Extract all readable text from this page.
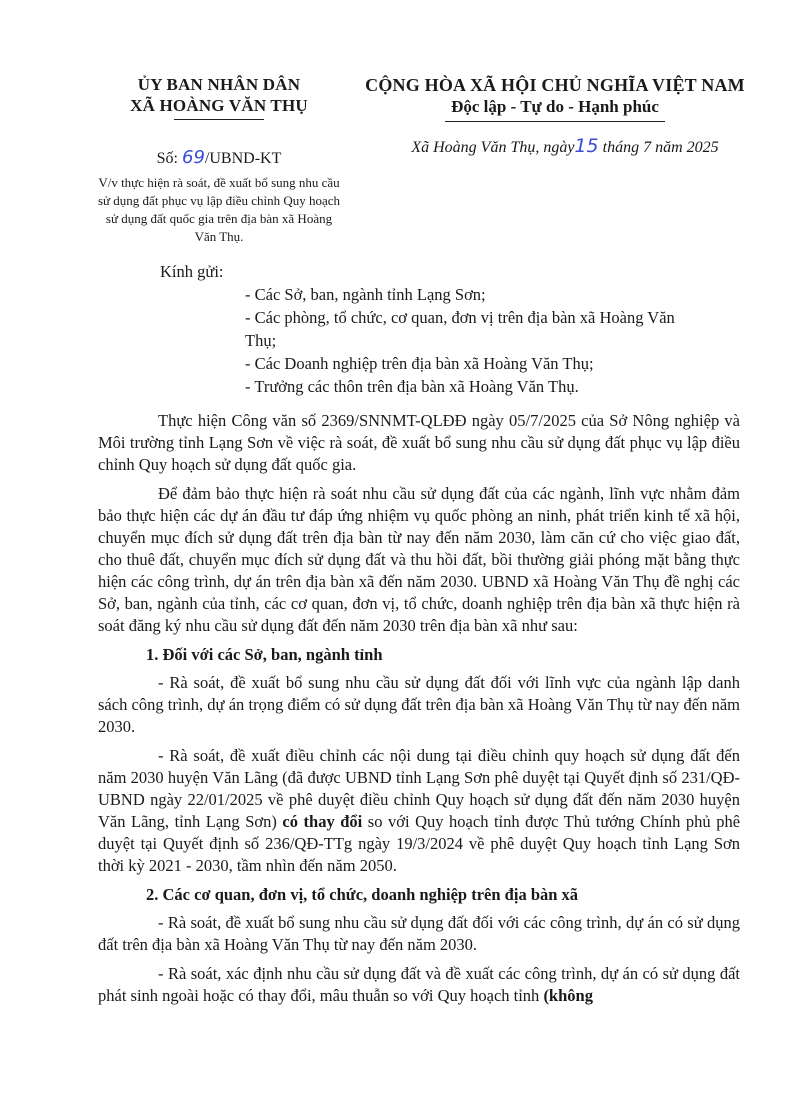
ỦY BAN NHÂN DÂN
XÃ HOÀNG VĂN THỤ
Số: 69/UBND-KT
V/v thực hiện rà soát, đề xuất bổ sung nhu cầu sử dụng đất phục vụ lập điều chỉnh Quy hoạch sử dụng đất quốc gia trên địa bàn xã Hoàng Văn Thụ.
CỘNG HÒA XÃ HỘI CHỦ NGHĨA VIỆT NAM
Độc lập - Tự do - Hạnh phúc
Xã Hoàng Văn Thụ, ngày15 tháng 7 năm 2025
Kính gửi:
- Các Sở, ban, ngành tỉnh Lạng Sơn;
- Các phòng, tổ chức, cơ quan, đơn vị trên địa bàn xã Hoàng Văn Thụ;
- Các Doanh nghiệp trên địa bàn xã Hoàng Văn Thụ;
- Trưởng các thôn trên địa bàn xã Hoàng Văn Thụ.

Thực hiện Công văn số 2369/SNNMT-QLĐĐ ngày 05/7/2025 của Sở Nông nghiệp và Môi trường tỉnh Lạng Sơn về việc rà soát, đề xuất bổ sung nhu cầu sử dụng đất phục vụ lập điều chỉnh Quy hoạch sử dụng đất quốc gia.

Để đảm bảo thực hiện rà soát nhu cầu sử dụng đất của các ngành, lĩnh vực nhằm đảm bảo thực hiện các dự án đầu tư đáp ứng nhiệm vụ quốc phòng an ninh, phát triển kinh tế xã hội, chuyển mục đích sử dụng đất trên địa bàn từ nay đến năm 2030, làm căn cứ cho việc giao đất, cho thuê đất, chuyển mục đích sử dụng đất và thu hồi đất, bồi thường giải phóng mặt bằng thực hiện các công trình, dự án trên địa bàn xã đến năm 2030. UBND xã Hoàng Văn Thụ đề nghị các Sở, ban, ngành của tỉnh, các cơ quan, đơn vị, tổ chức, doanh nghiệp trên địa bàn xã thực hiện rà soát đăng ký nhu cầu sử dụng đất đến năm 2030 trên địa bàn xã như sau:

1. Đối với các Sở, ban, ngành tỉnh

- Rà soát, đề xuất bổ sung nhu cầu sử dụng đất đối với lĩnh vực của ngành lập danh sách công trình, dự án trọng điểm có sử dụng đất trên địa bàn xã Hoàng Văn Thụ từ nay đến năm 2030.

- Rà soát, đề xuất điều chỉnh các nội dung tại điều chỉnh quy hoạch sử dụng đất đến năm 2030 huyện Văn Lãng (đã được UBND tỉnh Lạng Sơn phê duyệt tại Quyết định số 231/QĐ-UBND ngày 22/01/2025 về phê duyệt điều chỉnh Quy hoạch sử dụng đất đến năm 2030 huyện Văn Lãng, tỉnh Lạng Sơn) có thay đổi so với Quy hoạch tỉnh được Thủ tướng Chính phủ phê duyệt tại Quyết định số 236/QĐ-TTg ngày 19/3/2024 về phê duyệt Quy hoạch tỉnh Lạng Sơn thời kỳ 2021 - 2030, tầm nhìn đến năm 2050.

2. Các cơ quan, đơn vị, tổ chức, doanh nghiệp trên địa bàn xã

- Rà soát, đề xuất bổ sung nhu cầu sử dụng đất đối với các công trình, dự án có sử dụng đất trên địa bàn xã Hoàng Văn Thụ từ nay đến năm 2030.

- Rà soát, xác định nhu cầu sử dụng đất và đề xuất các công trình, dự án có sử dụng đất phát sinh ngoài hoặc có thay đổi, mâu thuẫn so với Quy hoạch tỉnh (không
